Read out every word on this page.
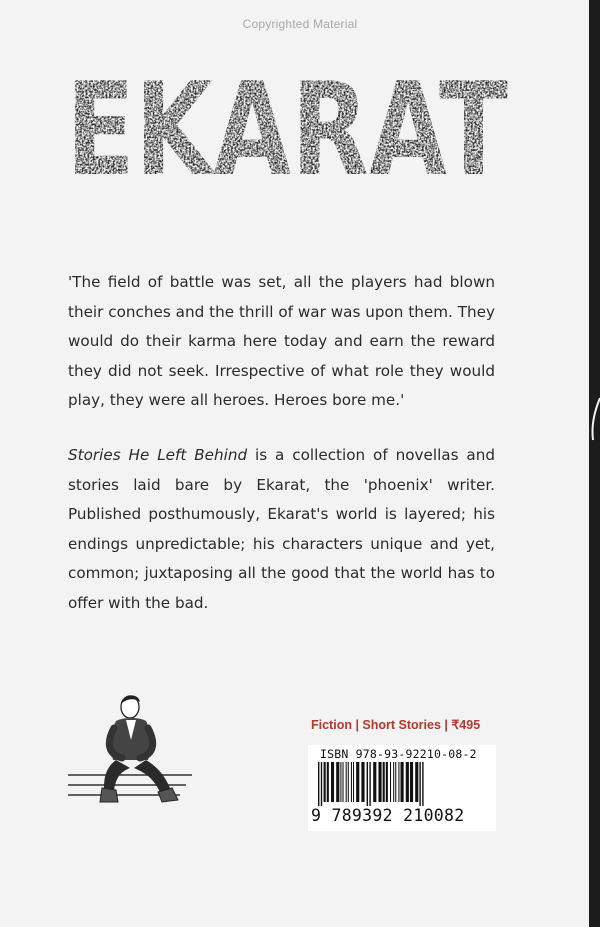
Copyrighted Material
EKARAT

'The field of battle was set, all the players had blown their conches and the thrill of war was upon them. They would do their karma here today and earn the reward they did not seek. Irrespective of what role they would play, they were all heroes. Heroes bore me.'

Stories He Left Behind is a collection of novellas and stories laid bare by Ekarat, the 'phoenix' writer. Published posthumously, Ekarat's world is layered; his endings unpredictable; his characters unique and yet, common; juxtaposing all the good that the world has to offer with the bad.

Fiction | Short Stories | ₹495
ISBN 978-93-92210-08-2
9 789392 210082
